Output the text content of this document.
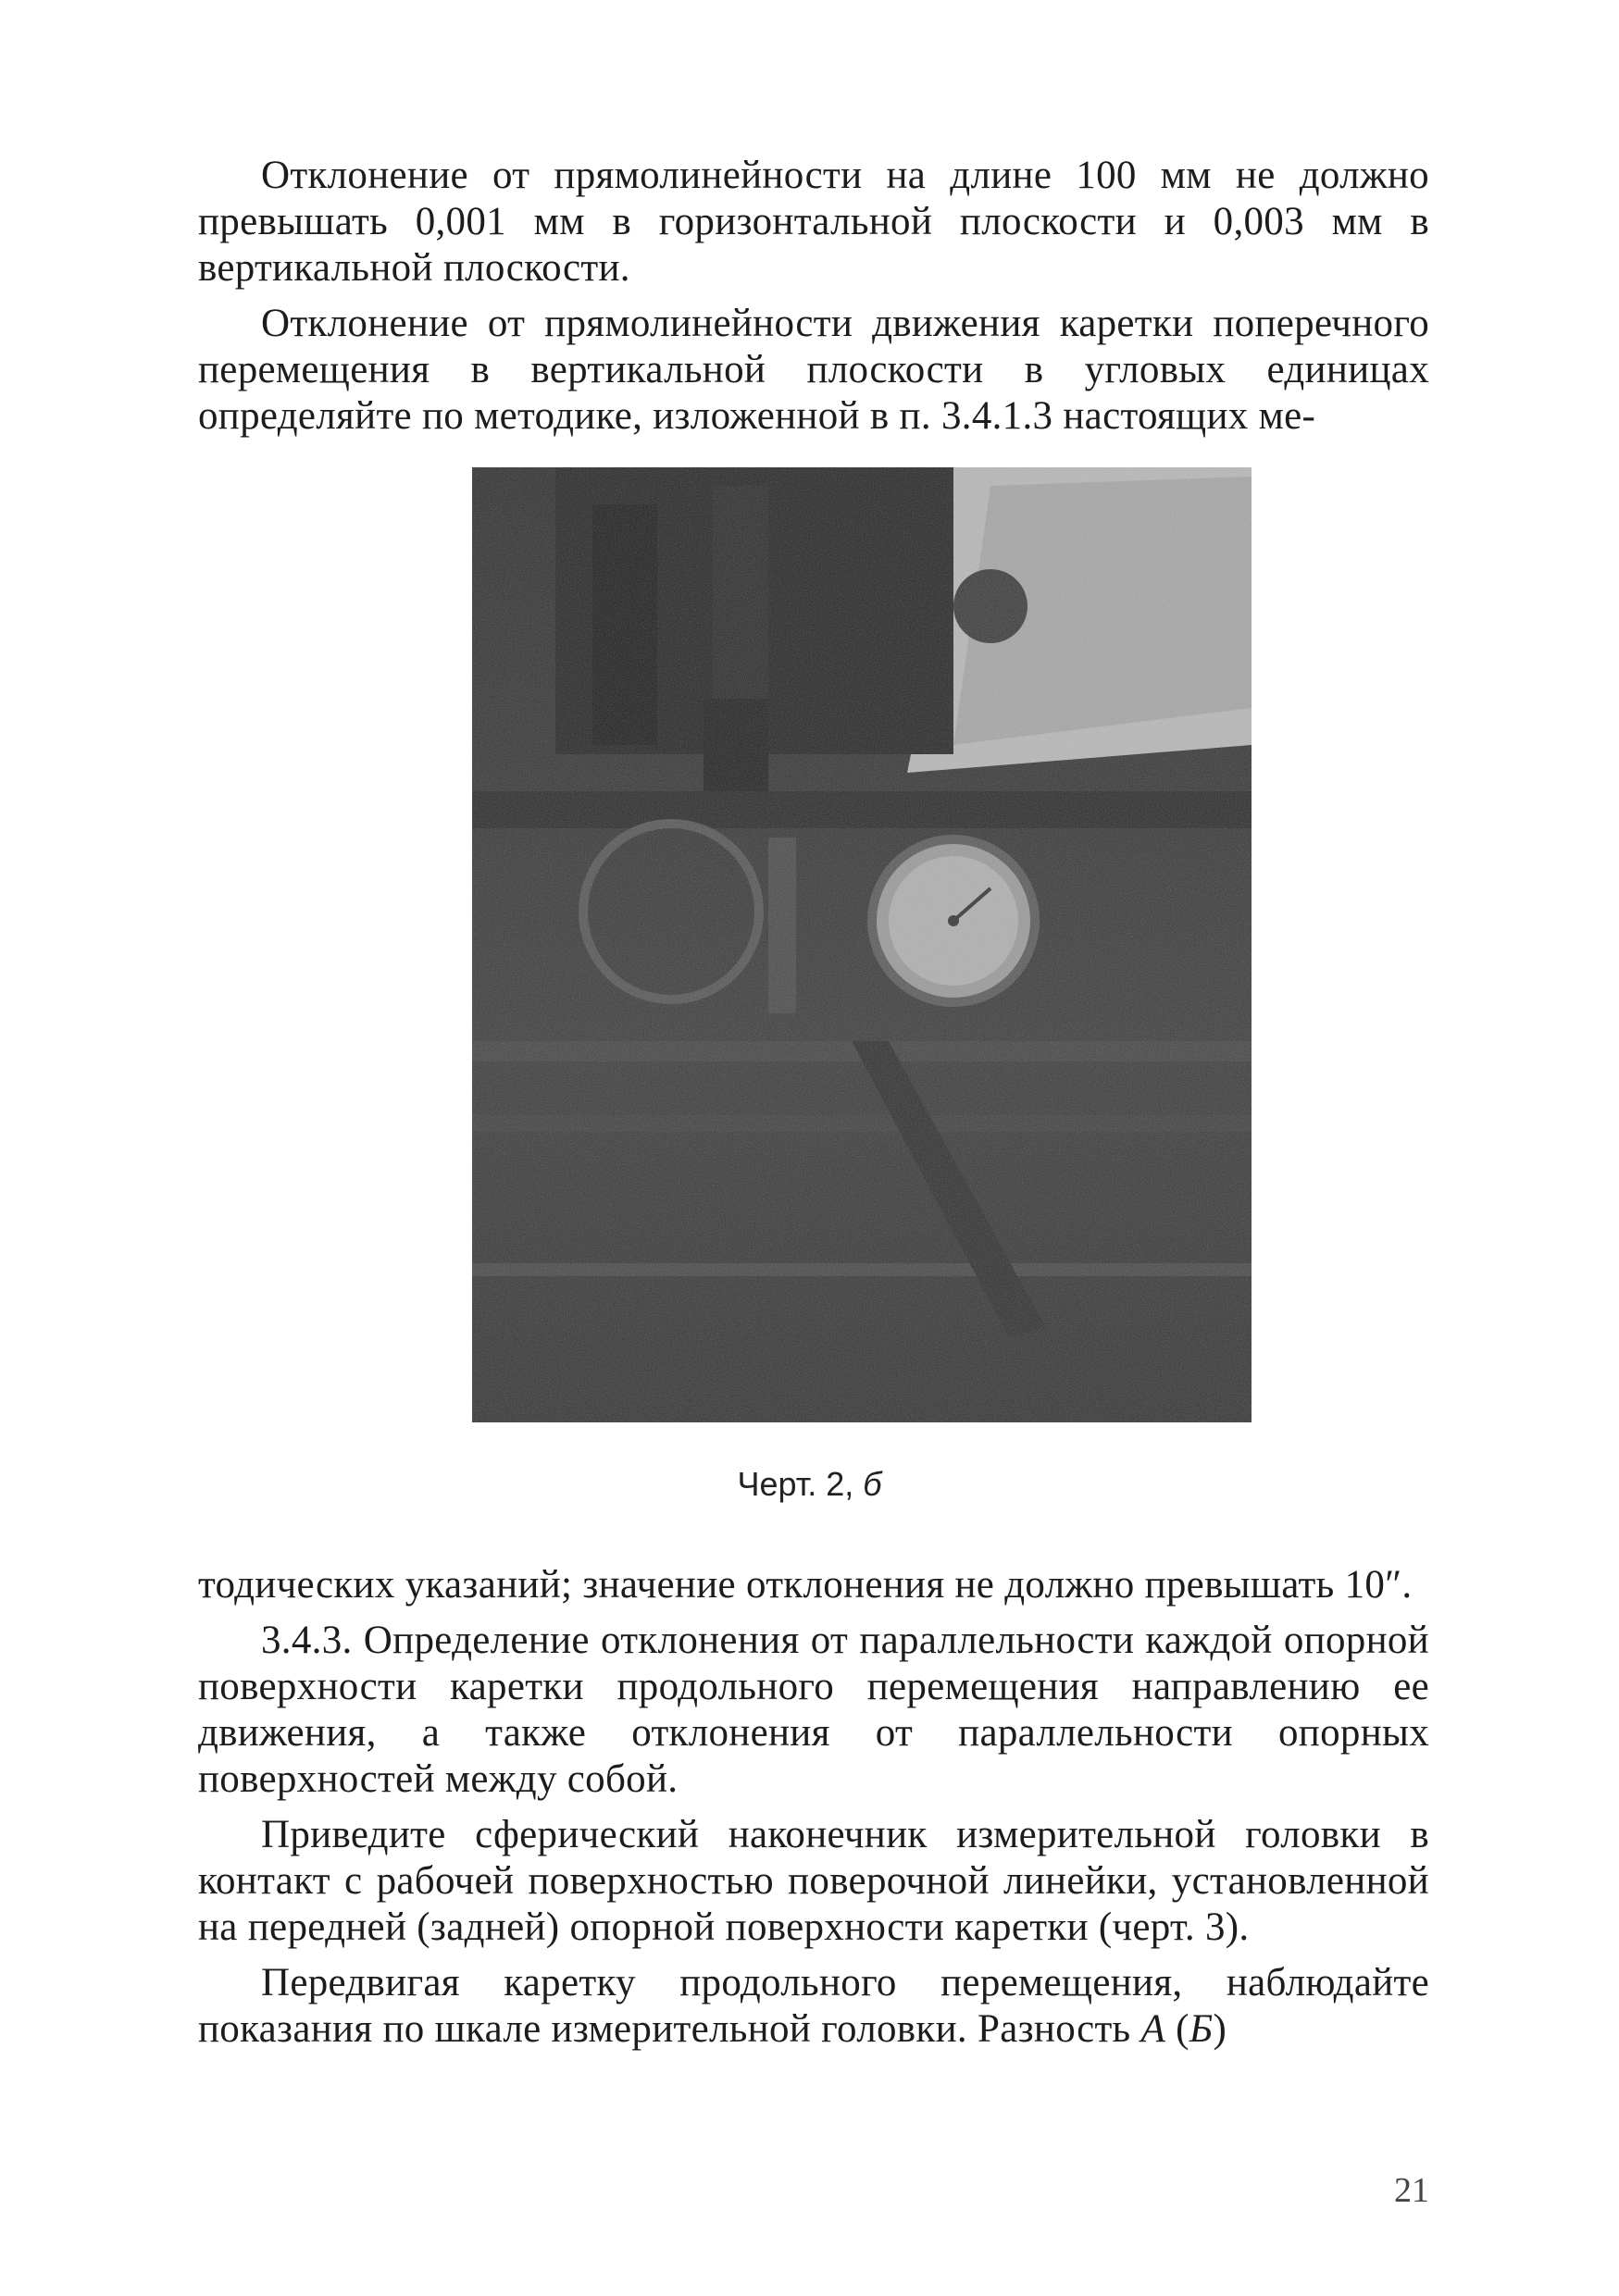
Отклонение от прямолинейности на длине 100 мм не должно превышать 0,001 мм в горизонтальной плоскости и 0,003 мм в вертикальной плоскости.

Отклонение от прямолинейности движения каретки поперечного перемещения в вертикальной плоскости в угловых единицах определяйте по методике, изложенной в п. 3.4.1.3 настоящих ме-

Черт. 2, б

тодических указаний; значение отклонения не должно превышать 10″.

3.4.3. Определение отклонения от параллельности каждой опорной поверхности каретки продольного перемещения направлению ее движения, а также отклонения от параллельности опорных поверхностей между собой.

Приведите сферический наконечник измерительной головки в контакт с рабочей поверхностью поверочной линейки, установленной на передней (задней) опорной поверхности каретки (черт. 3).

Передвигая каретку продольного перемещения, наблюдайте показания по шкале измерительной головки. Разность А (Б)

21
